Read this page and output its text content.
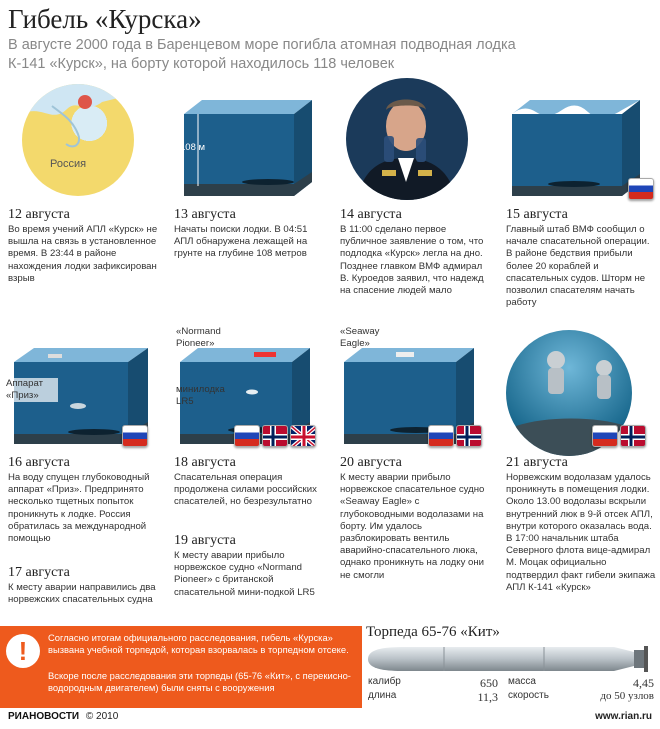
Гибель «Курска»
В августе 2000 года в Баренцевом море погибла атомная подводная лодка
К-141 «Курск», на борту которой находилось 118 человек
Россия
108 м
12 августа
Во время учений АПЛ «Курск» не вышла на связь в установленное время. В 23:44 в районе нахождения лодки зафиксирован взрыв
13 августа
Начаты поиски лодки. В 04:51 АПЛ обнаружена лежащей на грунте на глубине 108 метров
14 августа
В 11:00 сделано первое публичное заявление о том, что подлодка «Курск» легла на дно. Позднее главком ВМФ адмирал В. Куроедов заявил, что надежд на спасение людей мало
15 августа
Главный штаб ВМФ сообщил о начале спасательной операции. В районе бедствия прибыли более 20 кораблей и спасательных судов. Шторм не позволил спасателям начать работу
Аппарат «Приз»
«Normand Pioneer»
минилодка LR5
«Seaway Eagle»
16 августа
На воду спущен глубоководный аппарат «Приз». Предпринято несколько тщетных попыток проникнуть к лодке. Россия обратилась за международной помощью
17 августа
К месту аварии направились два норвежских спасательных судна
18 августа
Спасательная операция продолжена силами российских спасателей, но безрезультатно
19 августа
К месту аварии прибыло норвежское судно «Normand Pioneer» с британской спасательной мини-подкой LR5
20 августа
К месту аварии прибыло норвежское спасательное судно «Seaway Eagle» с глубоководными водолазами на борту. Им удалось разблокировать вентиль аварийно-спасательного люка, однако проникнуть на лодку они не смогли
21 августа
Норвежским водолазам удалось проникнуть в помещения лодки. Около 13.00 водолазы вскрыли внутренний люк в 9-й отсек АПЛ, внутри которого оказалась вода. В 17:00 начальник штаба Северного флота вице-адмирал М. Моцак официально подтвердил факт гибели экипажа АПЛ К-141 «Курск»
!	Согласно итогам официального расследования, гибель «Курска» вызвана учебной торпедой, которая взорвалась в торпедном отсеке.
Вскоре после расследования эти торпеды (65-76 «Кит», с перекисно-водородным двигателем) были сняты с вооружения
Торпеда 65-76 «Кит»
калибр	650
длина	11,3
масса	4,45
скорость	до 50 узлов
РИАНОВОСТИ © 2010	www.rian.ru
